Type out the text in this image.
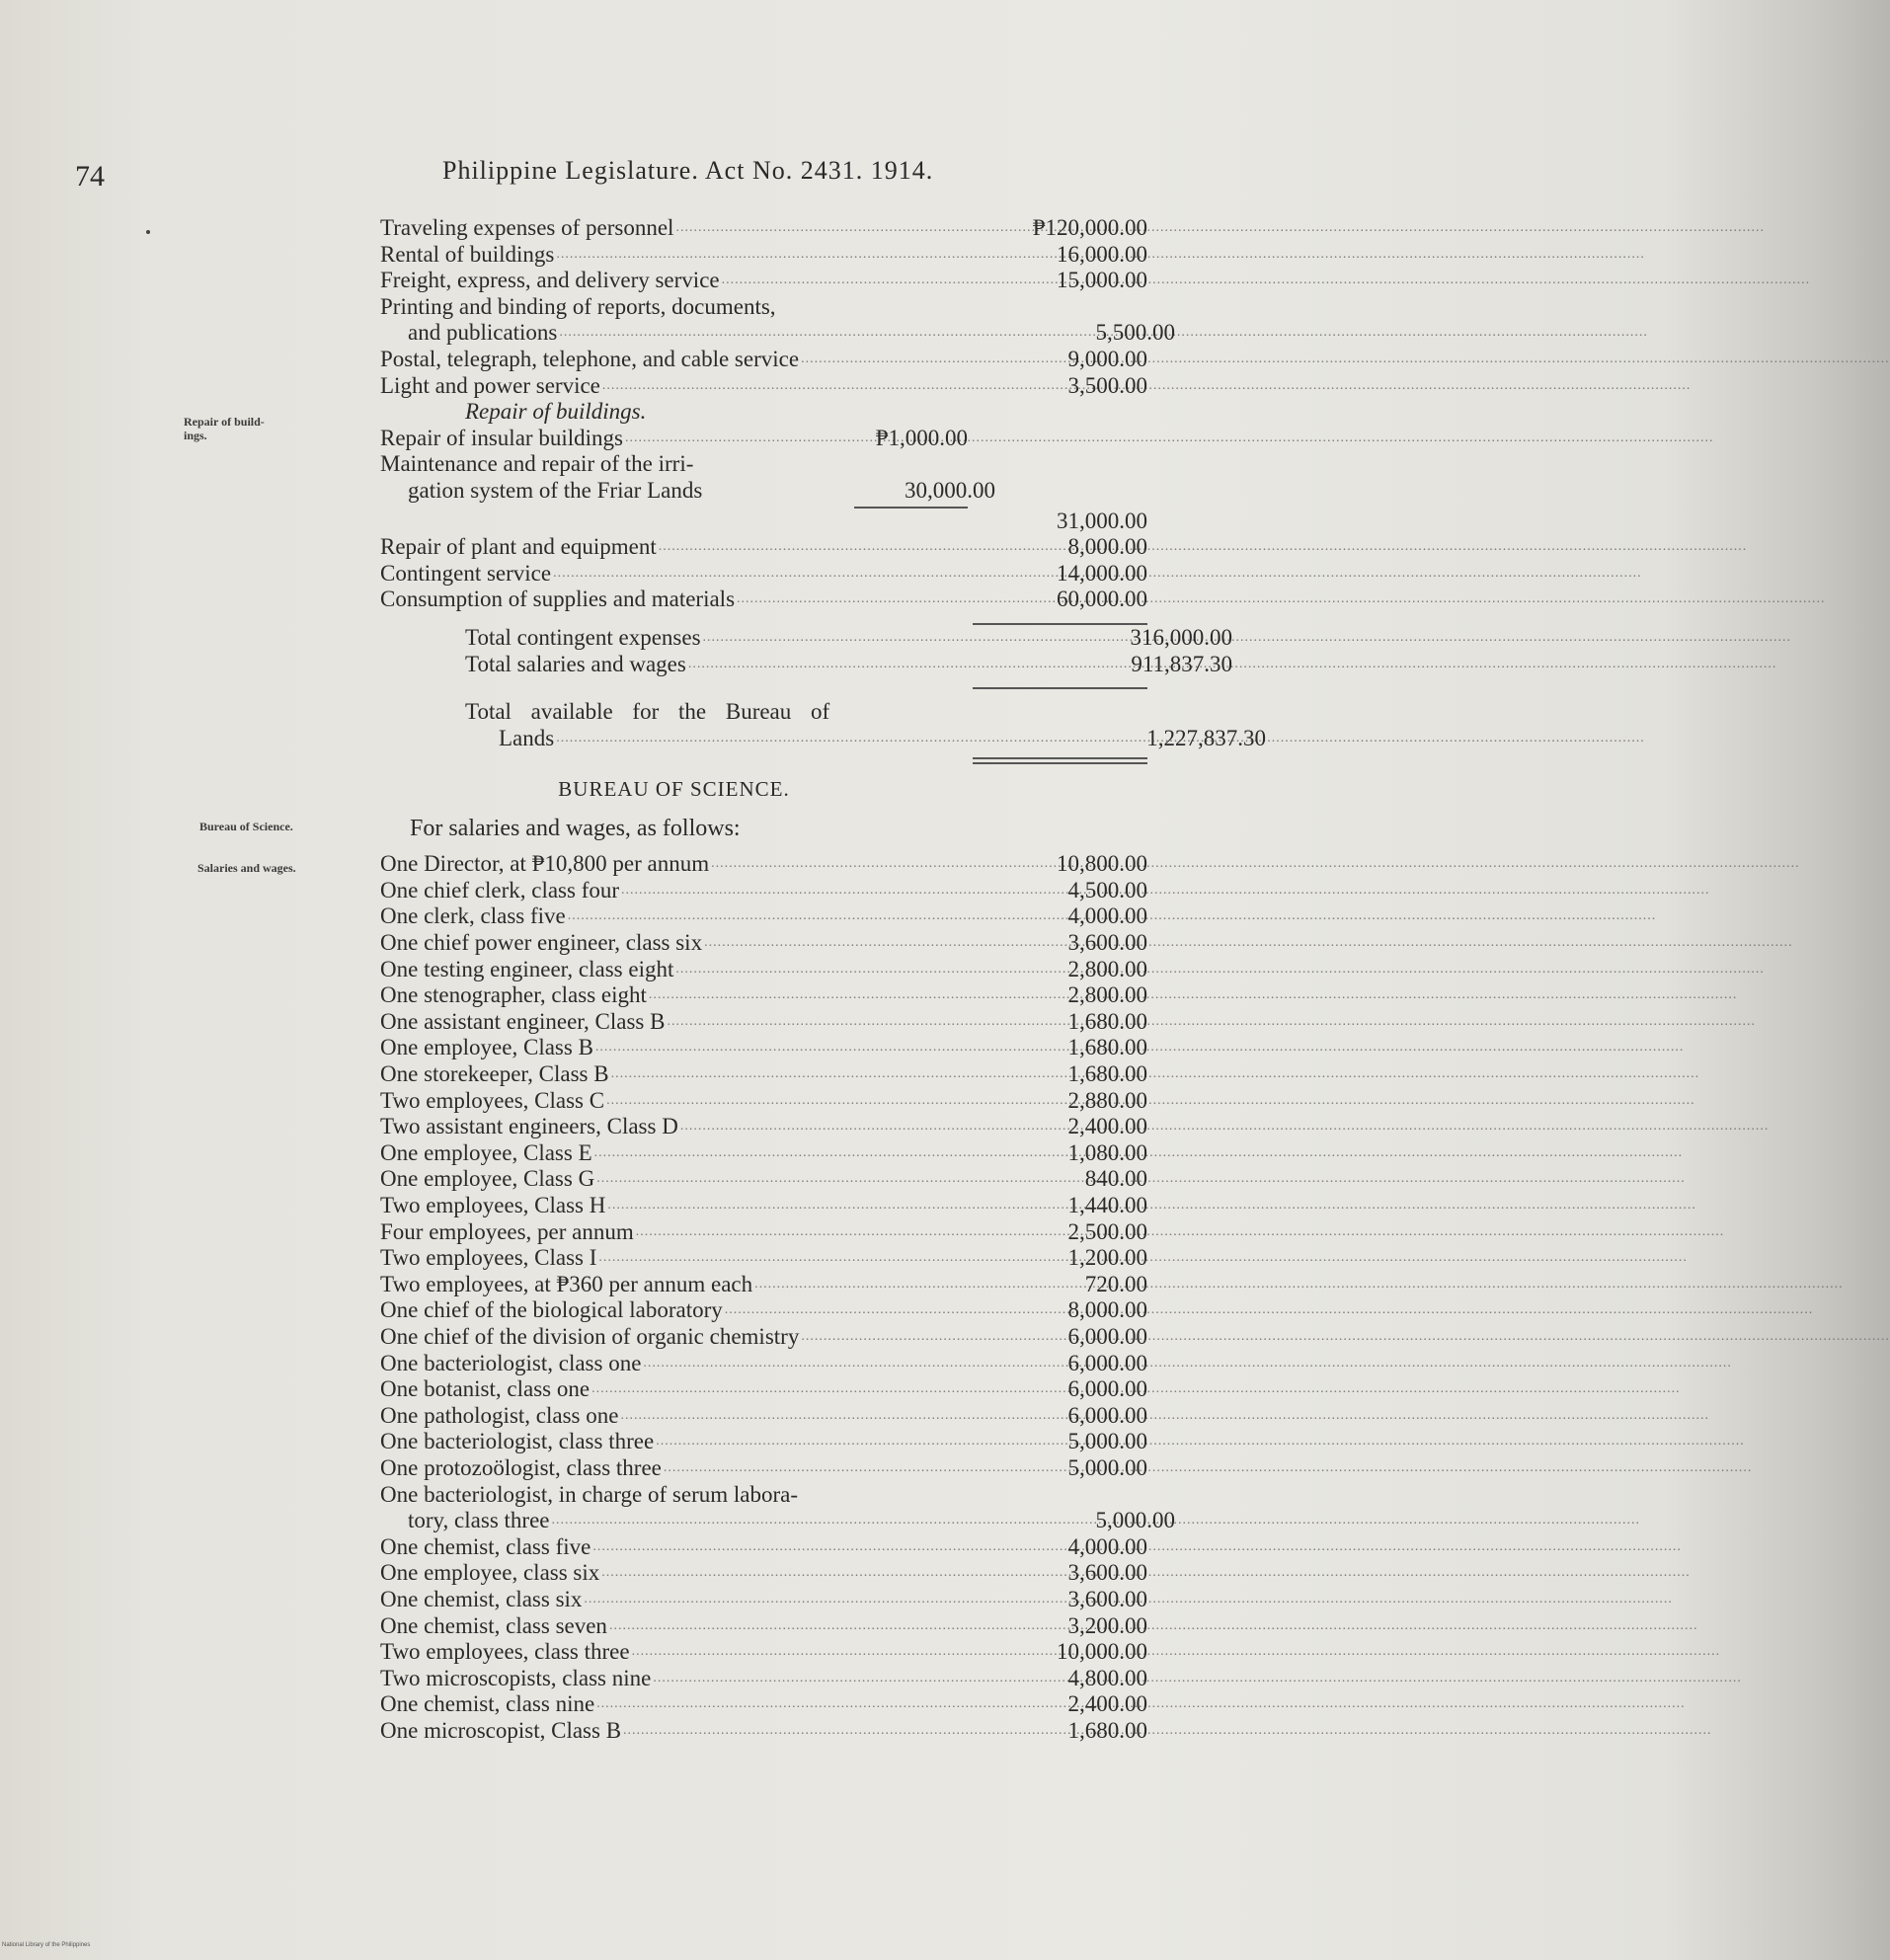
74	Philippine Legislature. Act No. 2431. 1914.
Repair of build-
ings.
Bureau of Science.
Salaries and wages.
Traveling expenses of personnel .....	₱120,000.00
Rental of buildings .....	16,000.00
Freight, express, and delivery service .....	15,000.00
Printing and binding of reports, documents,
and publications .....	5,500.00
Postal, telegraph, telephone, and cable service .....	9,000.00
Light and power service .....	3,500.00
Repair of buildings.
Repair of insular buildings .....	₱1,000.00
Maintenance and repair of the irri-
gation system of the Friar Lands	30,000.00
31,000.00
Repair of plant and equipment .....	8,000.00
Contingent service .....	14,000.00
Consumption of supplies and materials .....	60,000.00
Total contingent expenses .....	316,000.00
Total salaries and wages .....	911,837.30
Total available for the Bureau of
Lands .....	1,227,837.30
BUREAU OF SCIENCE.
For salaries and wages, as follows:
One Director, at ₱10,800 per annum .....	10,800.00
One chief clerk, class four .....	4,500.00
One clerk, class five .....	4,000.00
One chief power engineer, class six .....	3,600.00
One testing engineer, class eight .....	2,800.00
One stenographer, class eight .....	2,800.00
One assistant engineer, Class B .....	1,680.00
One employee, Class B .....	1,680.00
One storekeeper, Class B .....	1,680.00
Two employees, Class C .....	2,880.00
Two assistant engineers, Class D .....	2,400.00
One employee, Class E .....	1,080.00
One employee, Class G .....	840.00
Two employees, Class H .....	1,440.00
Four employees, per annum .....	2,500.00
Two employees, Class I .....	1,200.00
Two employees, at ₱360 per annum each .....	720.00
One chief of the biological laboratory .....	8,000.00
One chief of the division of organic chemistry .....	6,000.00
One bacteriologist, class one .....	6,000.00
One botanist, class one .....	6,000.00
One pathologist, class one .....	6,000.00
One bacteriologist, class three .....	5,000.00
One protozoölogist, class three .....	5,000.00
One bacteriologist, in charge of serum labora-
tory, class three .....	5,000.00
One chemist, class five .....	4,000.00
One employee, class six .....	3,600.00
One chemist, class six .....	3,600.00
One chemist, class seven .....	3,200.00
Two employees, class three .....	10,000.00
Two microscopists, class nine .....	4,800.00
One chemist, class nine .....	2,400.00
One microscopist, Class B .....	1,680.00
National Library of the Philippines
